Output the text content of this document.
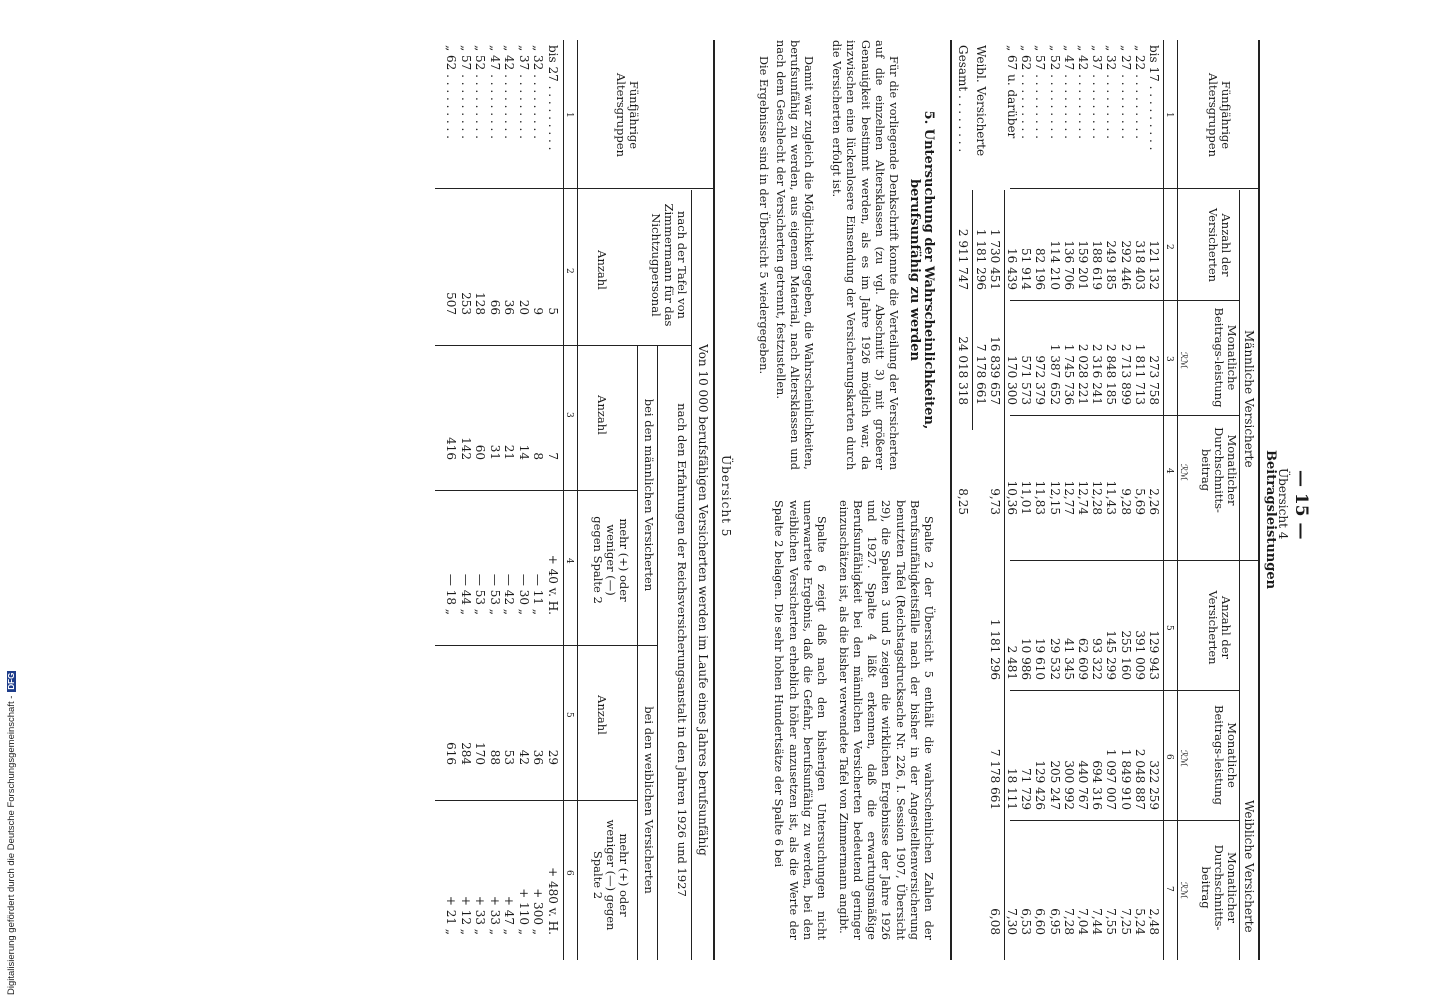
— 15 —
Übersicht 4
Beitragsleistungen
Männliche Versicherte
Weibliche Versicherte
Fünfjährige Altersgruppen
Anzahl der Versicherten
Monatliche Beitrags-leistung
Monatlicher Durchschnitts-beitrag
Anzahl der Versicherten
Monatliche Beitrags-leistung
Monatlicher Durchschnitts-beitrag
ℛℳ
ℛℳ
ℛℳ
ℛℳ
1
2
3
4
5
6
7
bis 17 . . . . . . . . .
121 132
273 758
2,26
129 943
322 259
2,48
„ 22 . . . . . . . . .
318 403
1 811 713
5,69
391 009
2 048 887
5,24
„ 27 . . . . . . . . .
292 446
2 713 899
9,28
255 160
1 849 910
7,25
„ 32 . . . . . . . . .
249 185
2 848 185
11,43
145 299
1 097 007
7,55
„ 37 . . . . . . . . .
188 619
2 316 241
12,28
93 322
694 316
7,44
„ 42 . . . . . . . . .
159 201
2 028 221
12,74
62 609
440 767
7,04
„ 47 . . . . . . . . .
136 706
1 745 736
12,77
41 345
300 992
7,28
„ 52 . . . . . . . . .
114 210
1 387 652
12,15
29 532
205 247
6,95
„ 57 . . . . . . . . .
82 196
972 379
11,83
19 610
129 426
6,60
„ 62 . . . . . . . . .
51 914
571 573
11,01
10 986
71 729
6,53
„ 67 u. darüber
16 439
170 300
10,36
2 481
18 111
7,30
1 730 451
16 839 657
9,73
1 181 296
7 178 661
6,08
Weibl. Versicherte
1 181 296
7 178 661
Gesamt . . . . . . . .
2 911 747
24 018 318
8,25
5. Untersuchung der Wahrscheinlichkeiten, berufsunfähig zu werden
Für die vorliegende Denkschrift konnte die Verteilung der Versicherten auf die einzelnen Altersklassen (zu vgl. Abschnitt 3) mit größerer Genauigkeit bestimmt werden, als es im Jahre 1926 möglich war, da inzwischen eine lückenlosere Einsendung der Versicherungskarten durch die Versicherten erfolgt ist.
Damit war zugleich die Möglichkeit gegeben, die Wahrscheinlichkeiten, berufsunfähig zu werden, aus eigenem Material, nach Altersklassen und nach dem Geschlecht der Versicherten getrennt, festzustellen.
Die Ergebnisse sind in der Übersicht 5 wiedergegeben.
Spalte 2 der Übersicht 5 enthält die wahrscheinlichen Zahlen der Berufsunfähigkeitsfälle nach der bisher in der Angestelltenversicherung benutzten Tafel (Reichstagsdrucksache Nr. 226, I. Session 1907, Übersicht 29), die Spalten 3 und 5 zeigen die wirklichen Ergebnisse der Jahre 1926 und 1927. Spalte 4 läßt erkennen, daß die erwartungsmäßige Berufsunfähigkeit bei den männlichen Versicherten bedeutend geringer einzuschätzen ist, als die bisher verwendete Tafel von Zimmermann angibt.
Spalte 6 zeigt daß nach den bisherigen Untersuchungen nicht unerwartete Ergebnis, daß die Gefahr, berufsunfähig zu werden, bei den weiblichen Versicherten erheblich höher anzusetzen ist, als die Werte der Spalte 2 belagen. Die sehr hohen Hundertsätze der Spalte 6 bei
Übersicht 5
Von 10 000 berufsfähigen Versicherten werden im Laufe eines Jahres berufsunfähig
Fünfjährige Altersgruppen
nach der Tafel von Zimmermann für das Nichtzugpersonal
nach den Erfahrungen der Reichsversicherungsanstalt in den Jahren 1926 und 1927
bei den männlichen Versicherten
bei den weiblichen Versicherten
Anzahl
Anzahl
mehr (+) oder weniger (—) gegen Spalte 2
Anzahl
mehr (+) oder weniger (—) gegen Spalte 2
1
2
3
4
5
6
bis 27 . . . . . . . . .
5
7
+ 40 v. H.
29
+ 480 v. H.
„ 32 . . . . . . . . .
9
8
— 11 „
36
+ 300 „
„ 37 . . . . . . . . .
20
14
— 30 „
42
+ 110 „
„ 42 . . . . . . . . .
36
21
— 42 „
53
+ 47 „
„ 47 . . . . . . . . .
66
31
— 53 „
88
+ 33 „
„ 52 . . . . . . . . .
128
60
— 53 „
170
+ 33 „
„ 57 . . . . . . . . .
253
142
— 44 „
284
+ 12 „
„ 62 . . . . . . . . .
507
416
— 18 „
616
+ 21 „
Digitalisierung gefördert durch die Deutsche Forschungsgemeinschaft -DFG
